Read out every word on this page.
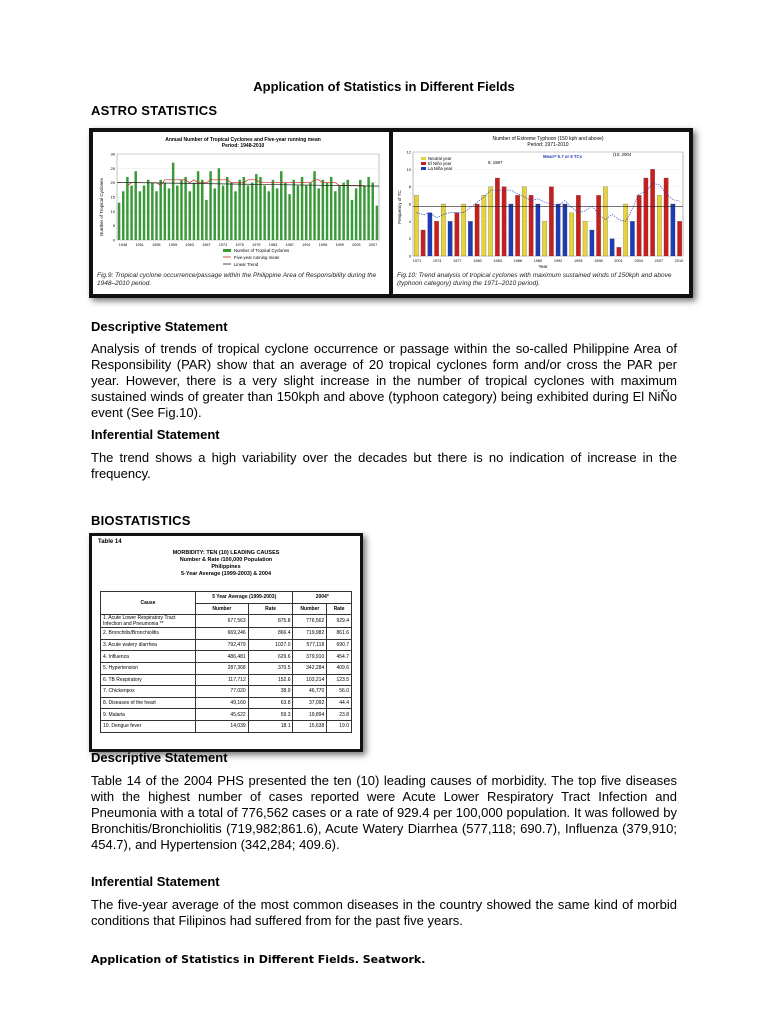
Application of Statistics in Different Fields
ASTRO STATISTICS
Annual Number of Tropical Cyclones and Five-year running mean
Period: 1948-2010
Number of Tropical Cyclones
0
5
10
15
20
25
30
1948 1951 1955 1959 1963 1967 1971 1975 1979 1983 1987 1991 1995 1999 2003 2007
Number of Tropical Cyclones
Five-year running mean
Linear Trend
Fig.9: Tropical cyclone occurrence/passage within the Philippine Area of Responsibility during the 1948–2010 period.
Number of Extreme Typhoon (150 kph and above)
Period: 1971-2010
Frequency of TC
Year
0
2
4
6
8
10
12
1971	1974	1977	1980	1983	1986	1989	1992	1995	1998	2001	2004	2007	2010
Neutral year
El Niño year
La Niña year
Mean= 5.7 or 6 TCs
9, 1987
(10, 2004
Fig.10: Trend analysis of tropical cyclones with maximum sustained winds of 150kph and above (typhoon category) during the 1971–2010 period).
Descriptive Statement
Analysis of trends of tropical cyclone occurrence or passage within the so-called Philippine Area of Responsibility (PAR) show that an average of 20 tropical cyclones form and/or cross the PAR per year. However, there is a very slight increase in the number of tropical cyclones with maximum sustained winds of greater than 150kph and above (typhoon category) being exhibited during El NiÑo event (See Fig.10).
Inferential Statement
The trend shows a high variability over the decades but there is no indication of increase in the frequency.
BIOSTATISTICS
Table 14
MORBIDITY: TEN (10) LEADING CAUSES
Number & Rate /100,000 Population
Philippines
5-Year Average (1999-2003) & 2004
Cause	5 Year Average (1999-2003)		2004*	
	Number	Rate	Number	Rate
1. Acute Lower Respiratory Tract Infection and Pneumonia **	677,563	875.8	776,562	929.4
2. Bronchitis/Bronchiolitis	669,246	866.4	719,982	861.6
3. Acute watery diarrhea	792,479	1027.0	577,118	690.7
4. Influenza	486,481	629.6	379,910	454.7
5. Hypertension	287,368	370.5	342,284	409.6
6. TB Respiratory	117,712	152.6	103,214	123.5
7. Chickenpox	77,020	38.9	46,770	56.0
8. Diseases of the heart	49,160	63.8	37,092	44.4
9. Malaria	45,622	59.3	19,894	23.8
10. Dengue fever	14,039	18.1	15,638	19.0
Descriptive Statement
Table 14 of the 2004 PHS presented the ten (10) leading causes of morbidity. The top five diseases with the highest number of cases reported were Acute Lower Respiratory Tract Infection and Pneumonia with a total of 776,562 cases or a rate of 929.4 per 100,000 population. It was followed by Bronchitis/Bronchiolitis (719,982;861.6), Acute Watery Diarrhea (577,118; 690.7), Influenza (379,910; 454.7), and Hypertension (342,284; 409.6).
Inferential Statement
The five-year average of the most common diseases in the country showed the same kind of morbid conditions that Filipinos had suffered from for the past five years.
Application of Statistics in Different Fields. Seatwork.
